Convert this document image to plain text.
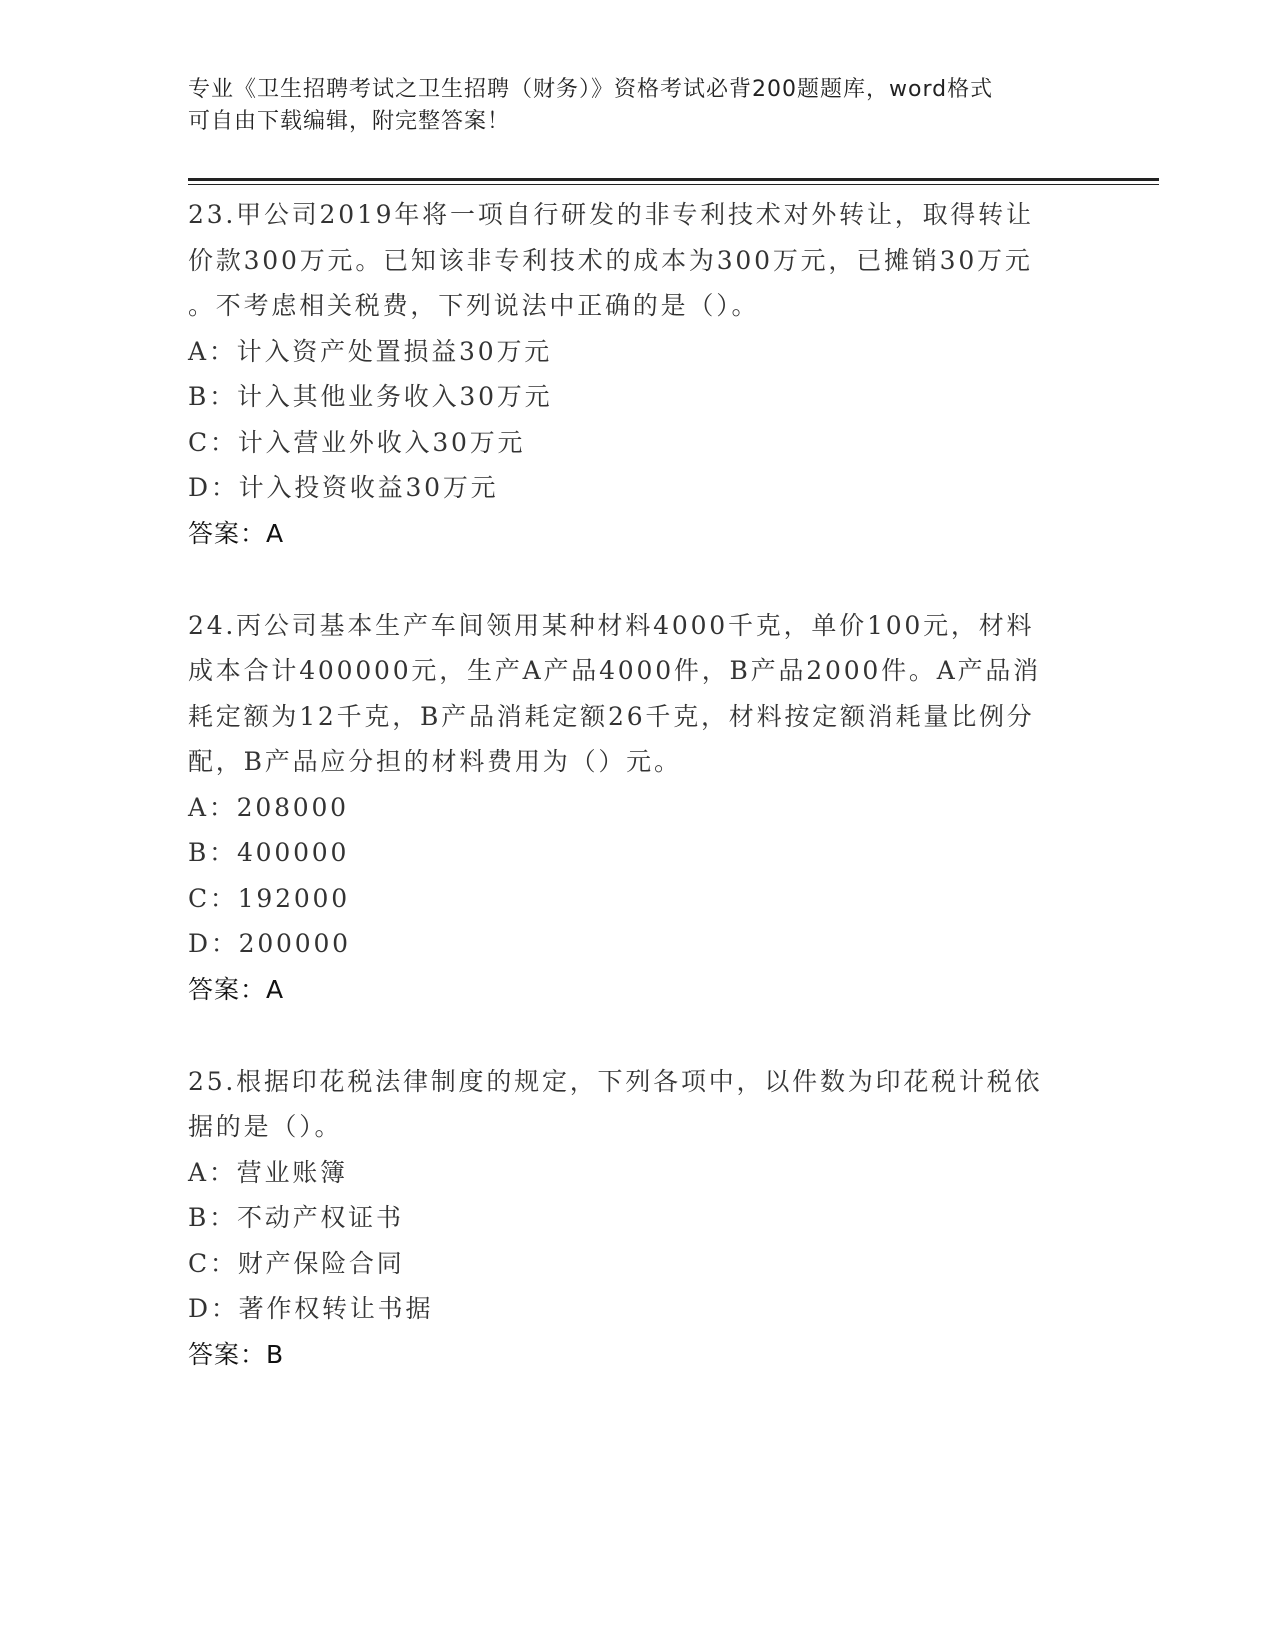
专业《卫生招聘考试之卫生招聘（财务）》资格考试必背200题题库，word格式
可自由下载编辑，附完整答案！
23.甲公司2019年将一项自行研发的非专利技术对外转让，取得转让
价款300万元。已知该非专利技术的成本为300万元，已摊销30万元
。不考虑相关税费，下列说法中正确的是（）。
A：计入资产处置损益30万元
B：计入其他业务收入30万元
C：计入营业外收入30万元
D：计入投资收益30万元
答案：A
24.丙公司基本生产车间领用某种材料4000千克，单价100元，材料
成本合计400000元，生产A产品4000件，B产品2000件。A产品消
耗定额为12千克，B产品消耗定额26千克，材料按定额消耗量比例分
配，B产品应分担的材料费用为（）元。
A：208000
B：400000
C：192000
D：200000
答案：A
25.根据印花税法律制度的规定，下列各项中，以件数为印花税计税依
据的是（）。
A：营业账簿
B：不动产权证书
C：财产保险合同
D：著作权转让书据
答案：B
